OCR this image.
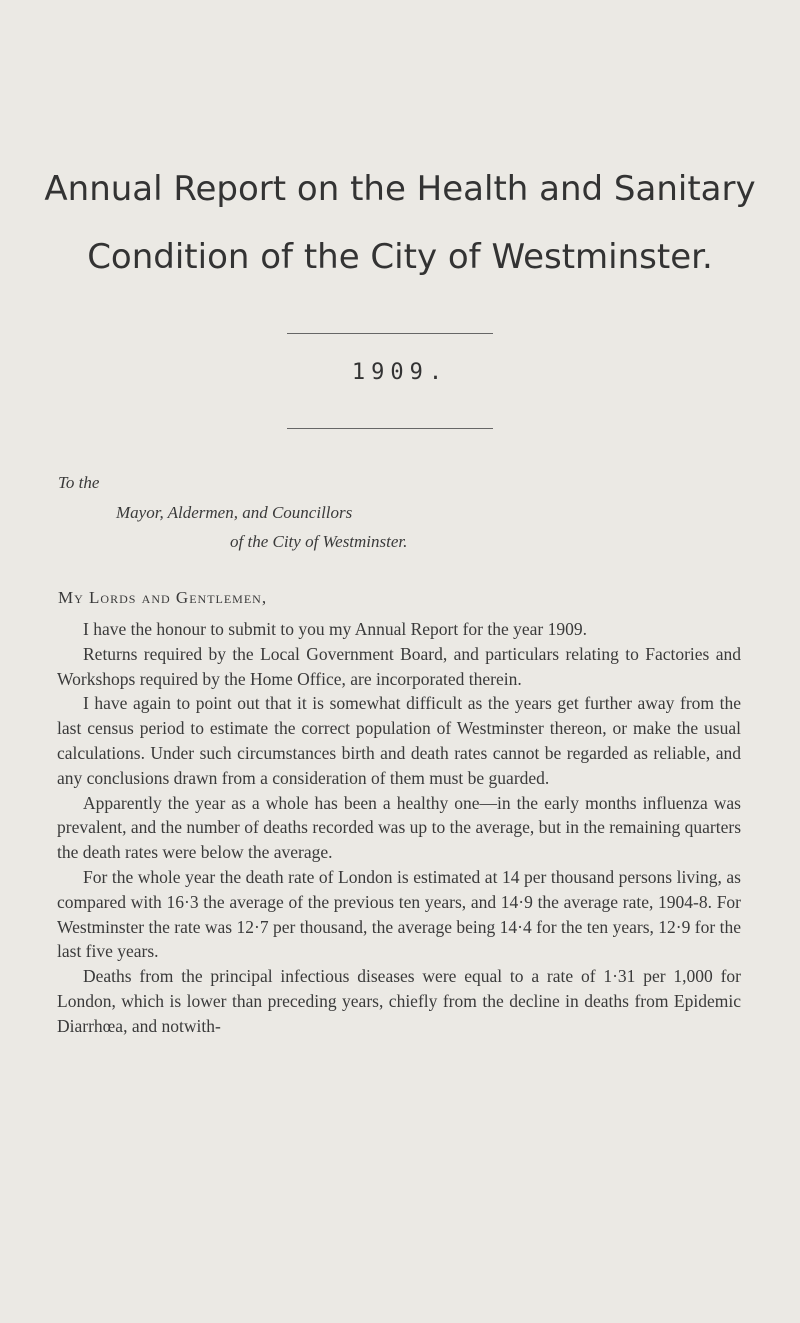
Annual Report on the Health and Sanitary
Condition of the City of Westminster.
1909.
To the
Mayor, Aldermen, and Councillors
of the City of Westminster.
My Lords and Gentlemen,

I have the honour to submit to you my Annual Report for the year 1909.

Returns required by the Local Government Board, and particulars relating to Factories and Workshops required by the Home Office, are incorporated therein.

I have again to point out that it is somewhat difficult as the years get further away from the last census period to estimate the correct population of Westminster thereon, or make the usual calculations. Under such circumstances birth and death rates cannot be regarded as reliable, and any conclusions drawn from a consideration of them must be guarded.

Apparently the year as a whole has been a healthy one—in the early months influenza was prevalent, and the number of deaths recorded was up to the average, but in the remaining quarters the death rates were below the average.

For the whole year the death rate of London is estimated at 14 per thousand persons living, as compared with 16·3 the average of the previous ten years, and 14·9 the average rate, 1904-8. For Westminster the rate was 12·7 per thousand, the average being 14·4 for the ten years, 12·9 for the last five years.

Deaths from the principal infectious diseases were equal to a rate of 1·31 per 1,000 for London, which is lower than preceding years, chiefly from the decline in deaths from Epidemic Diarrhœa, and notwith-
